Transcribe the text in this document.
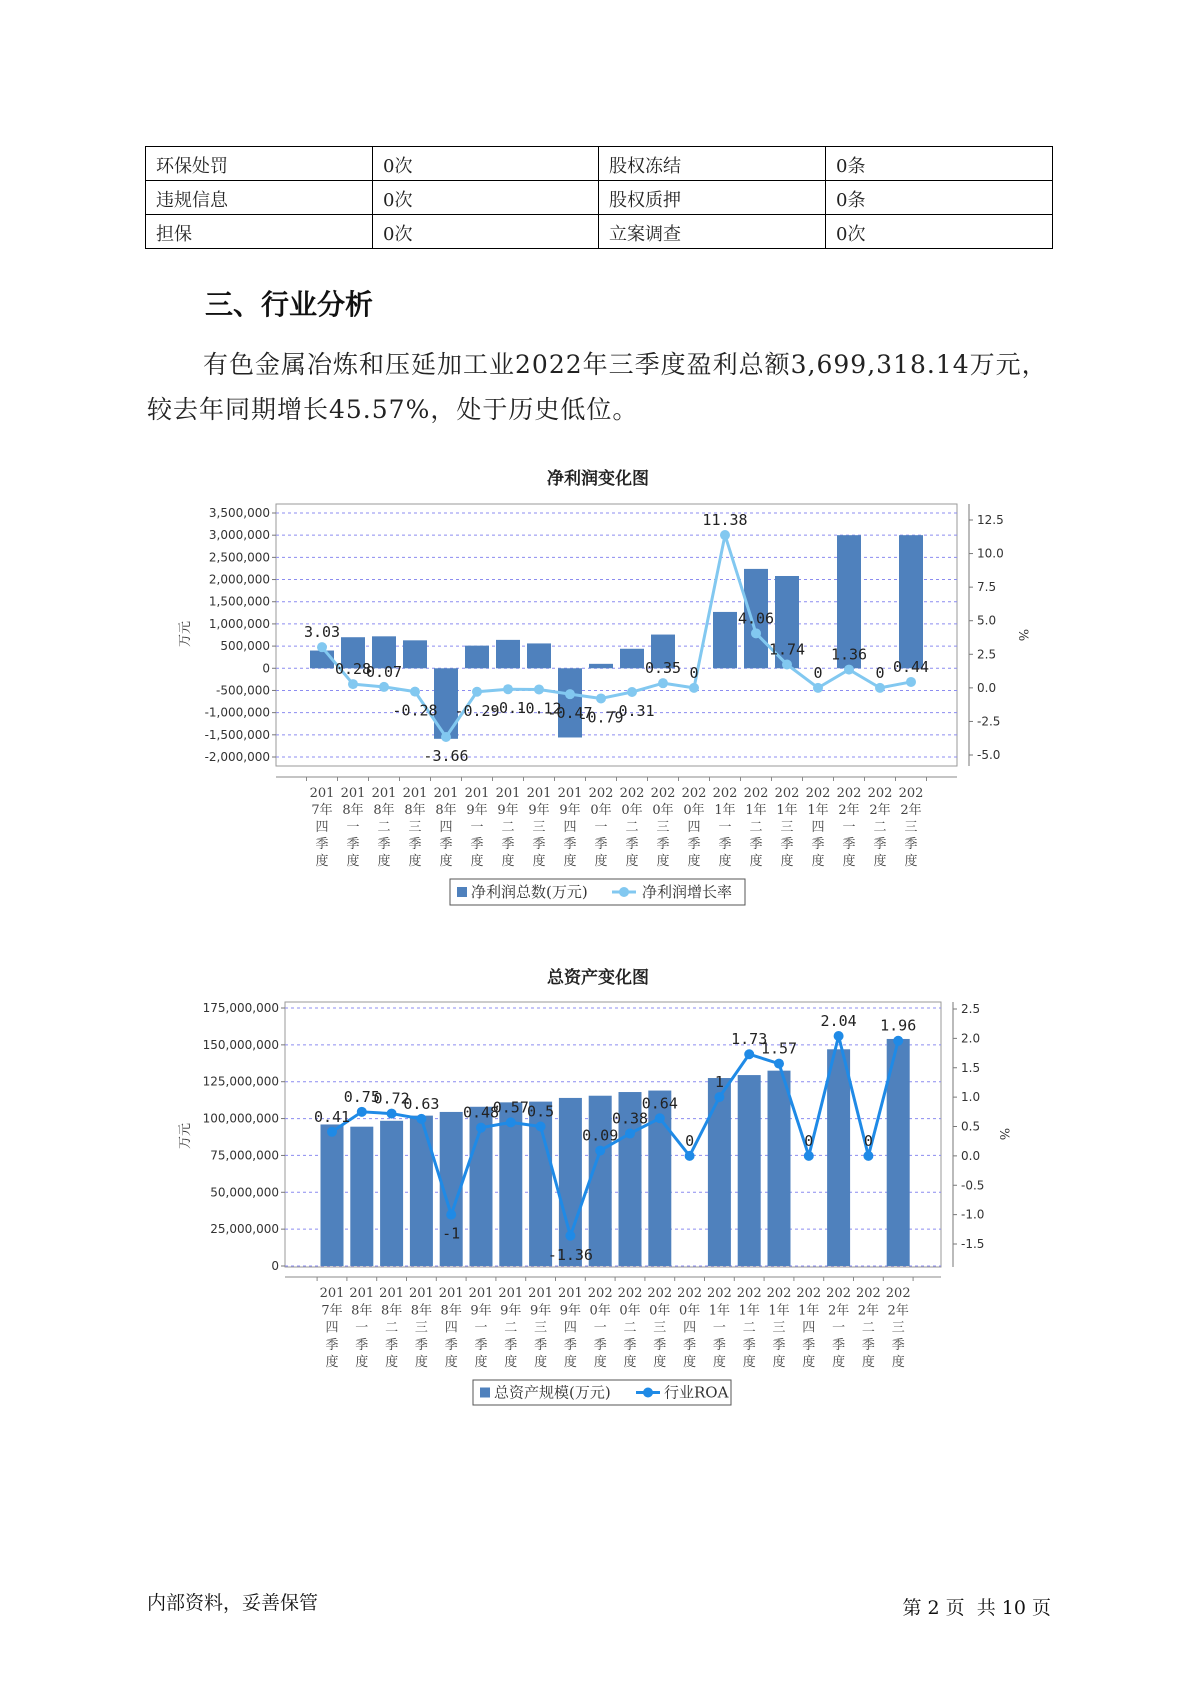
环保处罚	0次	股权冻结	0条
违规信息	0次	股权质押	0条
担保	0次	立案调查	0次
三、行业分析
有色金属冶炼和压延加工业2022年三季度盈利总额3,699,318.14万元，
较去年同期增长45.57%，处于历史低位。
净利润变化图
3,500,000
3,000,000
2,500,000
2,000,000
1,500,000
1,000,000
500,000
0
-500,000
-1,000,000
-1,500,000
-2,000,000
12.5
10.0
7.5
5.0
2.5
0.0
-2.5
-5.0
201 7年四季度
201 8年一季度
201 8年二季度
201 8年三季度
201 8年四季度
201 9年一季度
201 9年二季度
201 9年三季度
201 9年四季度
202 0年一季度
202 0年二季度
202 0年三季度
202 0年四季度
202 1年一季度
202 1年二季度
202 1年三季度
202 1年四季度
202 2年一季度
202 2年二季度
202 2年三季度
3.03
0.28
0.07
-0.28
-3.66
-0.29
-0.1
-0.12
-0.47
-0.79
-0.31
0.35 0
11.38
4.06
1.74
0
1.36
0 0.44
万元	%
净利润总数(万元)	净利润增长率
总资产变化图
175,000,000
150,000,000
125,000,000
100,000,000
75,000,000
50,000,000
25,000,000
0
2.5
2.0
1.5
1.0
0.5
0.0
-0.5
-1.0
-1.5
201 7年四季度
201 8年一季度
201 8年二季度
201 8年三季度
201 8年四季度
201 9年一季度
201 9年二季度
201 9年三季度
201 9年四季度
202 0年一季度
202 0年二季度
202 0年三季度
202 0年四季度
202 1年一季度
202 1年二季度
202 1年三季度
202 1年四季度
202 2年一季度
202 2年二季度
202 2年三季度
0.41
0.75
0.72
0.63
-1
0.48
0.57
0.5
-1.36
0.09
0.38
0.64
0
1
1.73
1.57
0
2.04
0
1.96
万元	%
总资产规模(万元)	行业ROA
内部资料，妥善保管	第 2 页  共 10 页
